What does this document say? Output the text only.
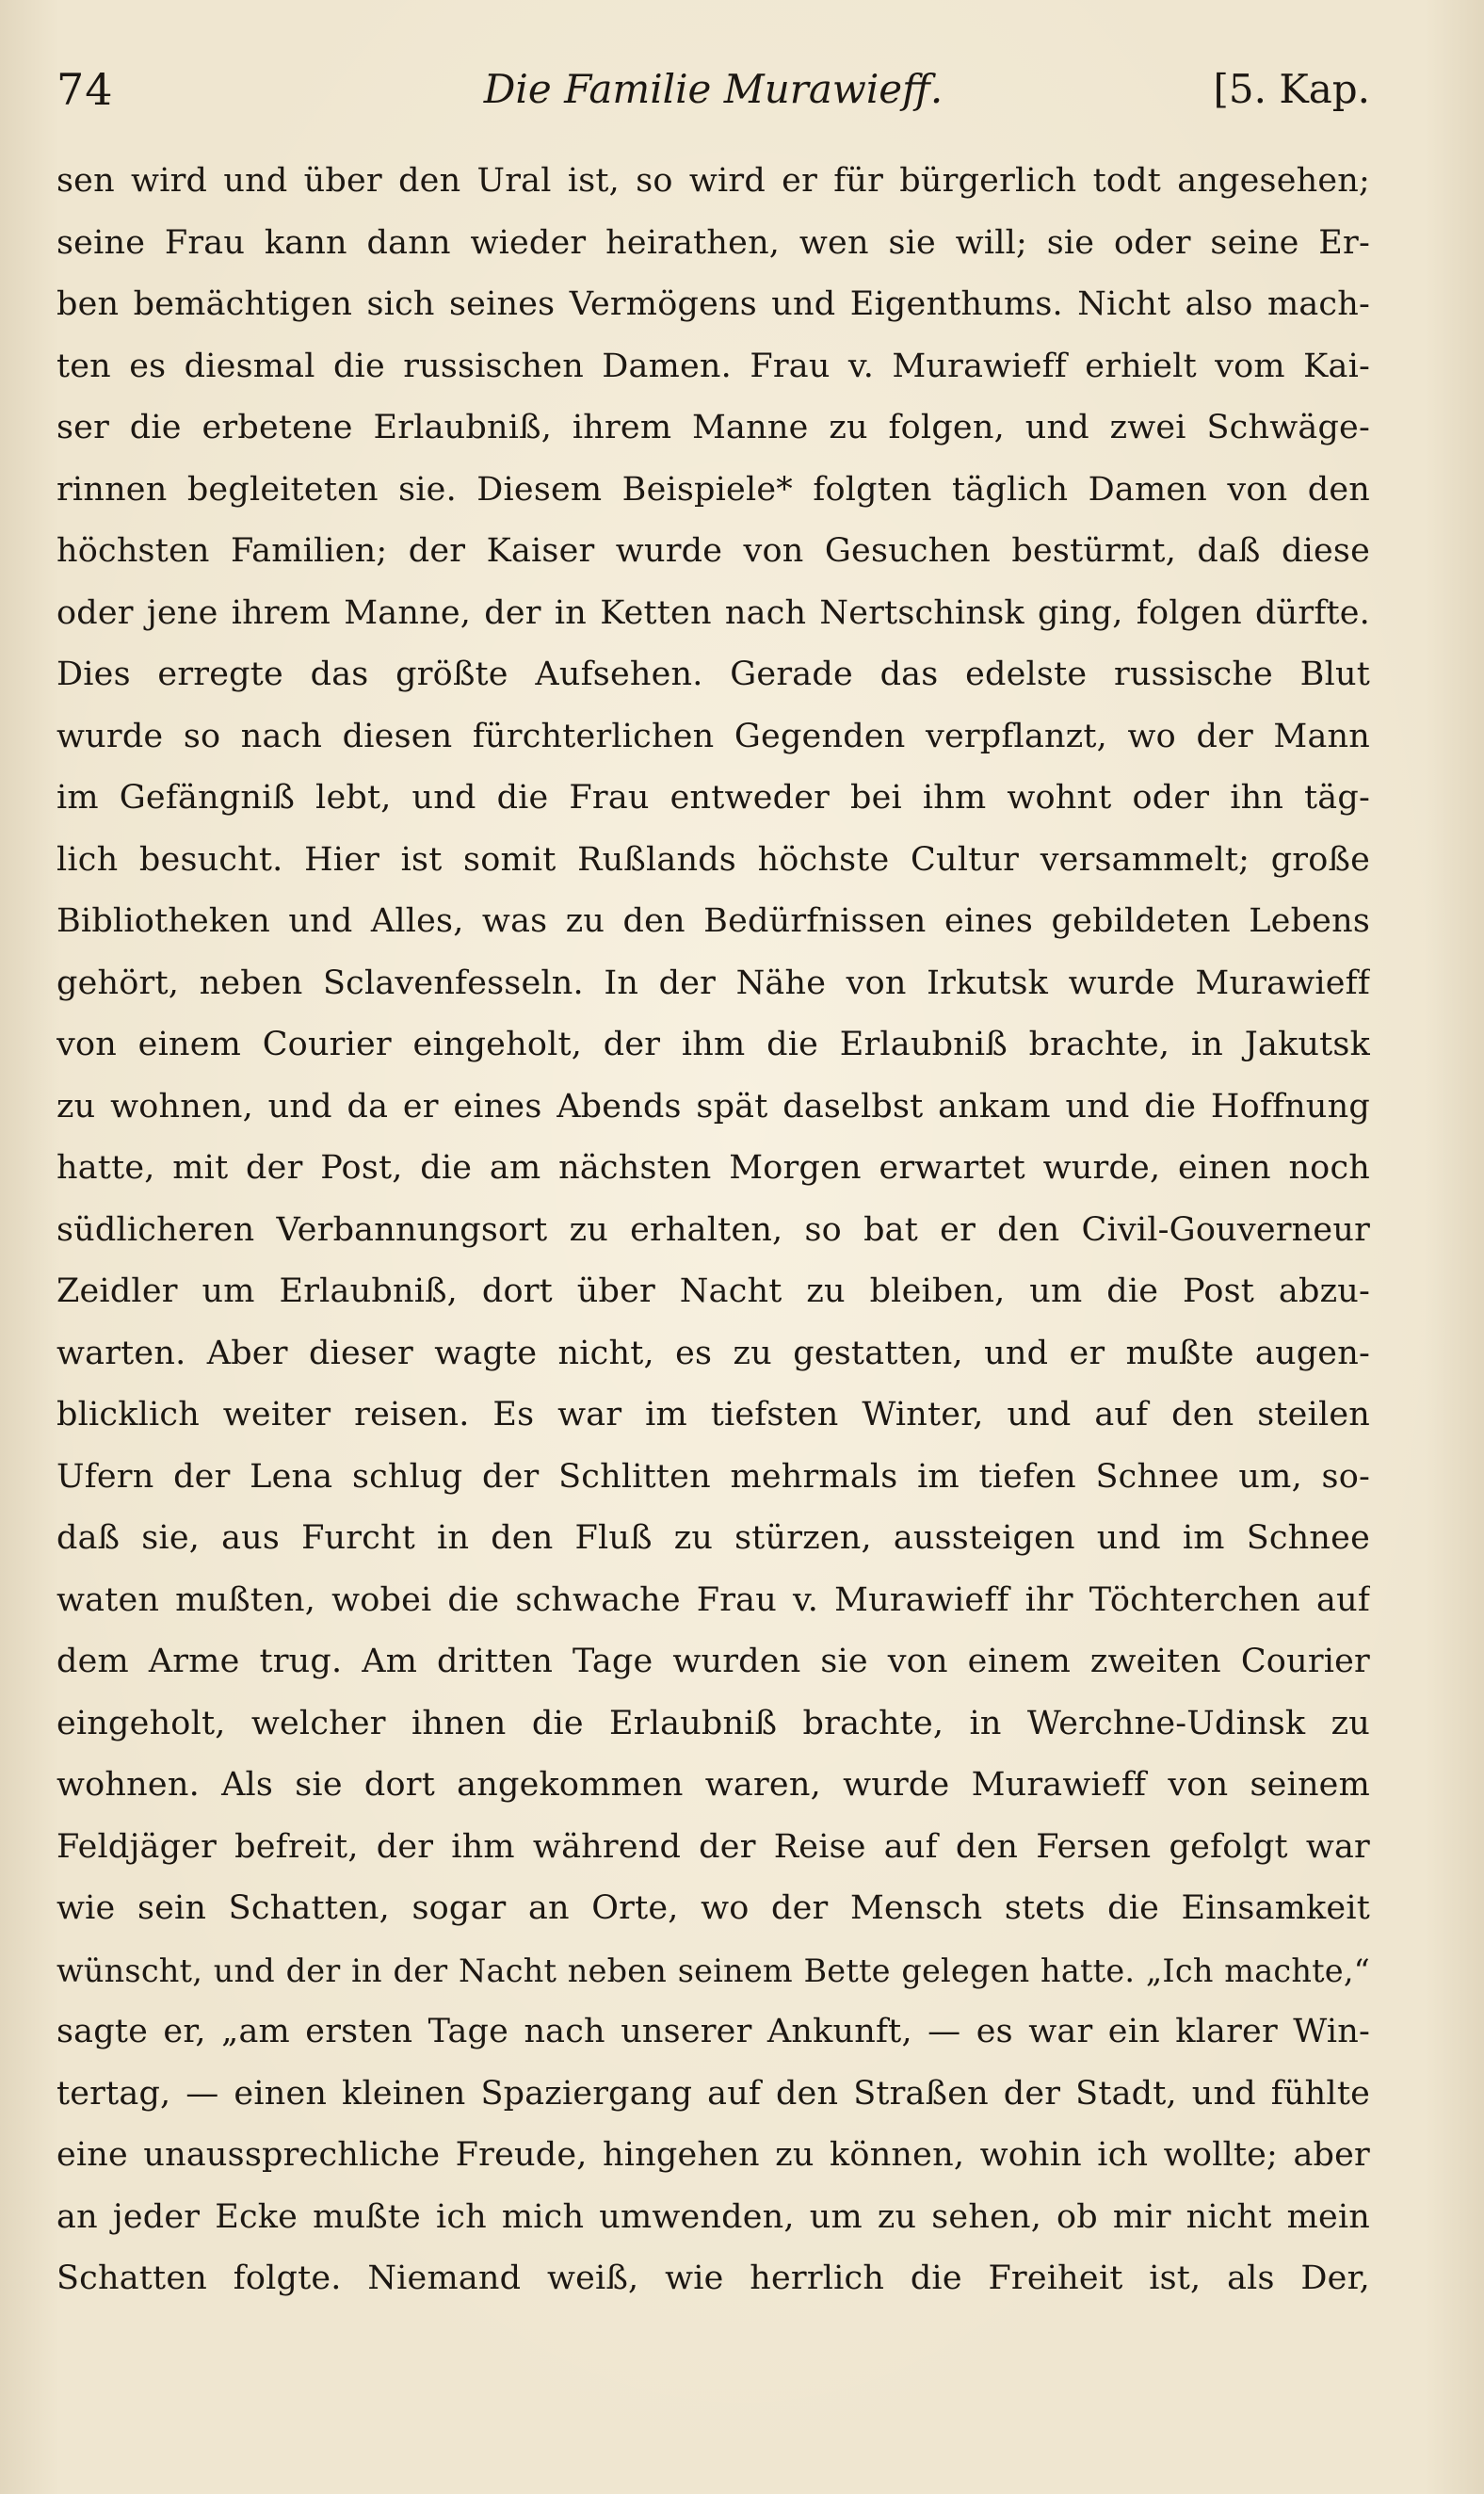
74	Die Familie Murawieff.	[5. Kap.
sen wird und über den Ural ist, so wird er für bürgerlich todt angesehen;
seine Frau kann dann wieder heirathen, wen sie will; sie oder seine Er-
ben bemächtigen sich seines Vermögens und Eigenthums. Nicht also mach-
ten es diesmal die russischen Damen. Frau v. Murawieff erhielt vom Kai-
ser die erbetene Erlaubniß, ihrem Manne zu folgen, und zwei Schwäge-
rinnen begleiteten sie. Diesem Beispiele* folgten täglich Damen von den
höchsten Familien; der Kaiser wurde von Gesuchen bestürmt, daß diese
oder jene ihrem Manne, der in Ketten nach Nertschinsk ging, folgen dürfte.
Dies erregte das größte Aufsehen. Gerade das edelste russische Blut
wurde so nach diesen fürchterlichen Gegenden verpflanzt, wo der Mann
im Gefängniß lebt, und die Frau entweder bei ihm wohnt oder ihn täg-
lich besucht. Hier ist somit Rußlands höchste Cultur versammelt; große
Bibliotheken und Alles, was zu den Bedürfnissen eines gebildeten Lebens
gehört, neben Sclavenfesseln. In der Nähe von Irkutsk wurde Murawieff
von einem Courier eingeholt, der ihm die Erlaubniß brachte, in Jakutsk
zu wohnen, und da er eines Abends spät daselbst ankam und die Hoffnung
hatte, mit der Post, die am nächsten Morgen erwartet wurde, einen noch
südlicheren Verbannungsort zu erhalten, so bat er den Civil-Gouverneur
Zeidler um Erlaubniß, dort über Nacht zu bleiben, um die Post abzu-
warten. Aber dieser wagte nicht, es zu gestatten, und er mußte augen-
blicklich weiter reisen. Es war im tiefsten Winter, und auf den steilen
Ufern der Lena schlug der Schlitten mehrmals im tiefen Schnee um, so-
daß sie, aus Furcht in den Fluß zu stürzen, aussteigen und im Schnee
waten mußten, wobei die schwache Frau v. Murawieff ihr Töchterchen auf
dem Arme trug. Am dritten Tage wurden sie von einem zweiten Courier
eingeholt, welcher ihnen die Erlaubniß brachte, in Werchne-Udinsk zu
wohnen. Als sie dort angekommen waren, wurde Murawieff von seinem
Feldjäger befreit, der ihm während der Reise auf den Fersen gefolgt war
wie sein Schatten, sogar an Orte, wo der Mensch stets die Einsamkeit
wünscht, und der in der Nacht neben seinem Bette gelegen hatte. „Ich machte,“
sagte er, „am ersten Tage nach unserer Ankunft, — es war ein klarer Win-
tertag, — einen kleinen Spaziergang auf den Straßen der Stadt, und fühlte
eine unaussprechliche Freude, hingehen zu können, wohin ich wollte; aber
an jeder Ecke mußte ich mich umwenden, um zu sehen, ob mir nicht mein
Schatten folgte. Niemand weiß, wie herrlich die Freiheit ist, als Der,
